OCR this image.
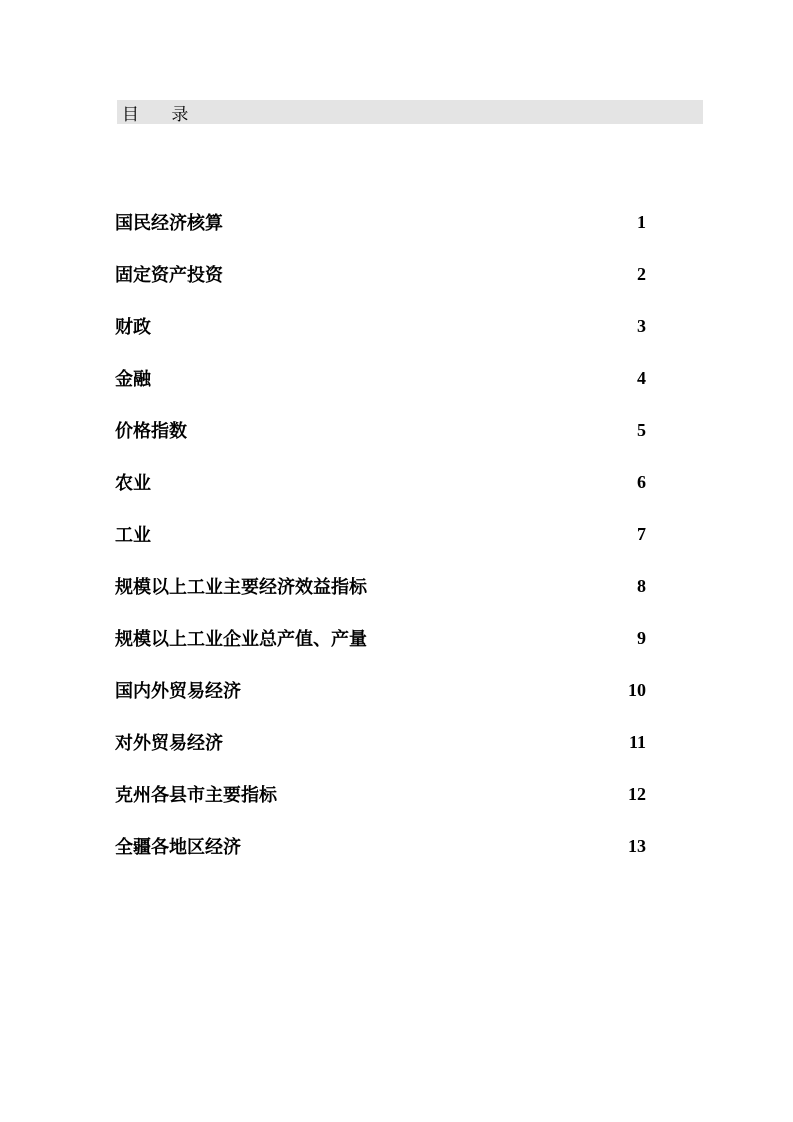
目      录
国民经济核算	1
固定资产投资	2
财政	3
金融	4
价格指数	5
农业	6
工业	7
规模以上工业主要经济效益指标	8
规模以上工业企业总产值、产量	9
国内外贸易经济	10
对外贸易经济	11
克州各县市主要指标	12
全疆各地区经济	13
